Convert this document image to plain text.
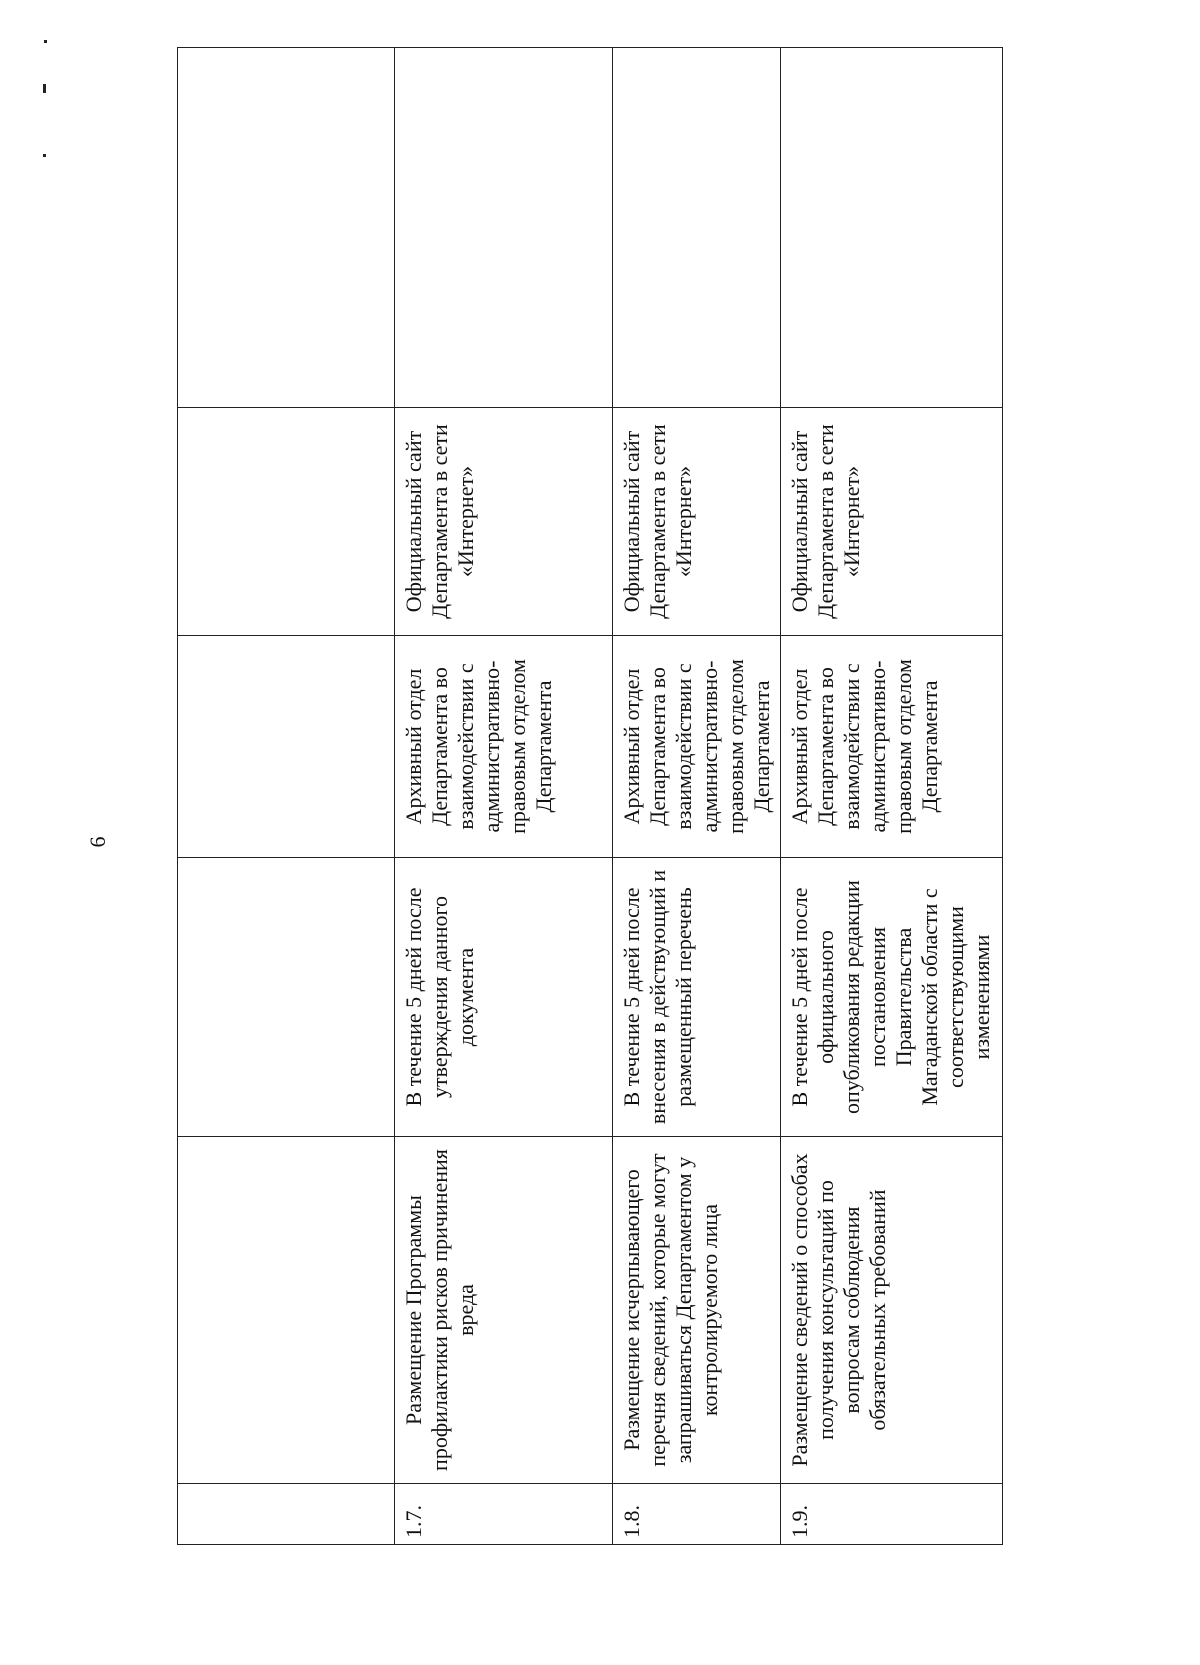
6

1.7.	Размещение Программы профилактики рисков причинения вреда	В течение 5 дней после утверждения данного документа	Архивный отдел Департамента во взаимодействии с административно-правовым отделом Департамента	Официальный сайт Департамента в сети «Интернет»	
1.8.	Размещение исчерпывающего перечня сведений, которые могут запрашиваться Департаментом у контролируемого лица	В течение 5 дней после внесения в действующий и размещенный перечень	Архивный отдел Департамента во взаимодействии с административно-правовым отделом Департамента	Официальный сайт Департамента в сети «Интернет»	
1.9.	Размещение сведений о способах получения консультаций по вопросам соблюдения обязательных требований	В течение 5 дней после официального опубликования редакции постановления Правительства Магаданской области с соответствующими изменениями	Архивный отдел Департамента во взаимодействии с административно-правовым отделом Департамента	Официальный сайт Департамента в сети «Интернет»	
